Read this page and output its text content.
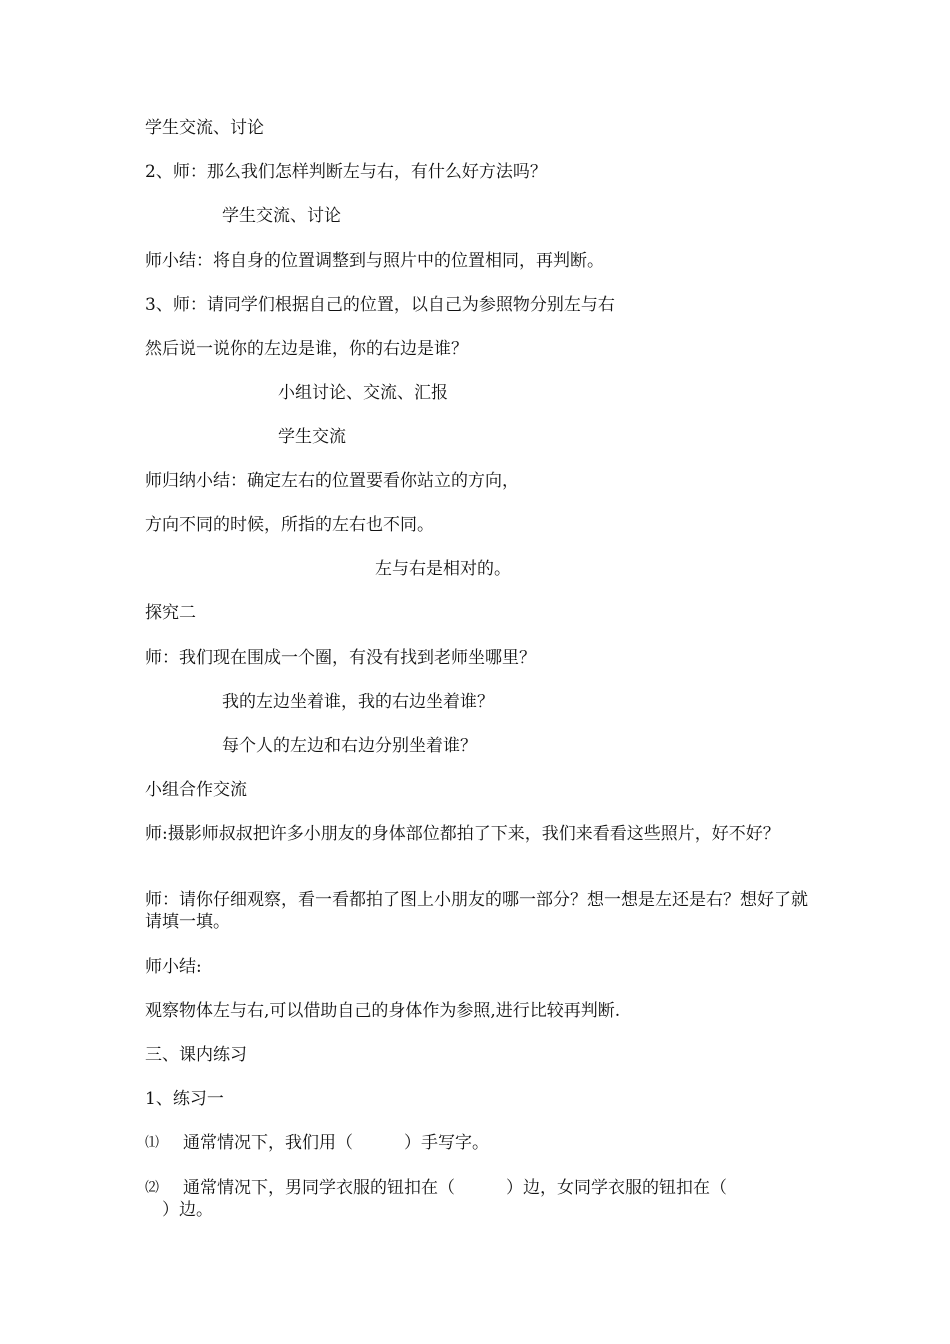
学生交流、讨论
2、师：那么我们怎样判断左与右，有什么好方法吗？
学生交流、讨论
师小结：将自身的位置调整到与照片中的位置相同，再判断。
3、师：请同学们根据自己的位置，以自己为参照物分别左与右
然后说一说你的左边是谁，你的右边是谁？
小组讨论、交流、汇报
学生交流
师归纳小结：确定左右的位置要看你站立的方向，
方向不同的时候，所指的左右也不同。
左与右是相对的。
探究二
师：我们现在围成一个圈，有没有找到老师坐哪里？
我的左边坐着谁，我的右边坐着谁？
每个人的左边和右边分别坐着谁？
小组合作交流
师:摄影师叔叔把许多小朋友的身体部位都拍了下来，我们来看看这些照片，好不好？
师：请你仔细观察，看一看都拍了图上小朋友的哪一部分？想一想是左还是右？想好了就请填一填。
师小结:
观察物体左与右,可以借助自己的身体作为参照,进行比较再判断.
三、课内练习
1、练习一
⑴ 通常情况下，我们用（　　　）手写字。
⑵ 通常情况下，男同学衣服的钮扣在（　　　）边，女同学衣服的钮扣在（
　）边。
